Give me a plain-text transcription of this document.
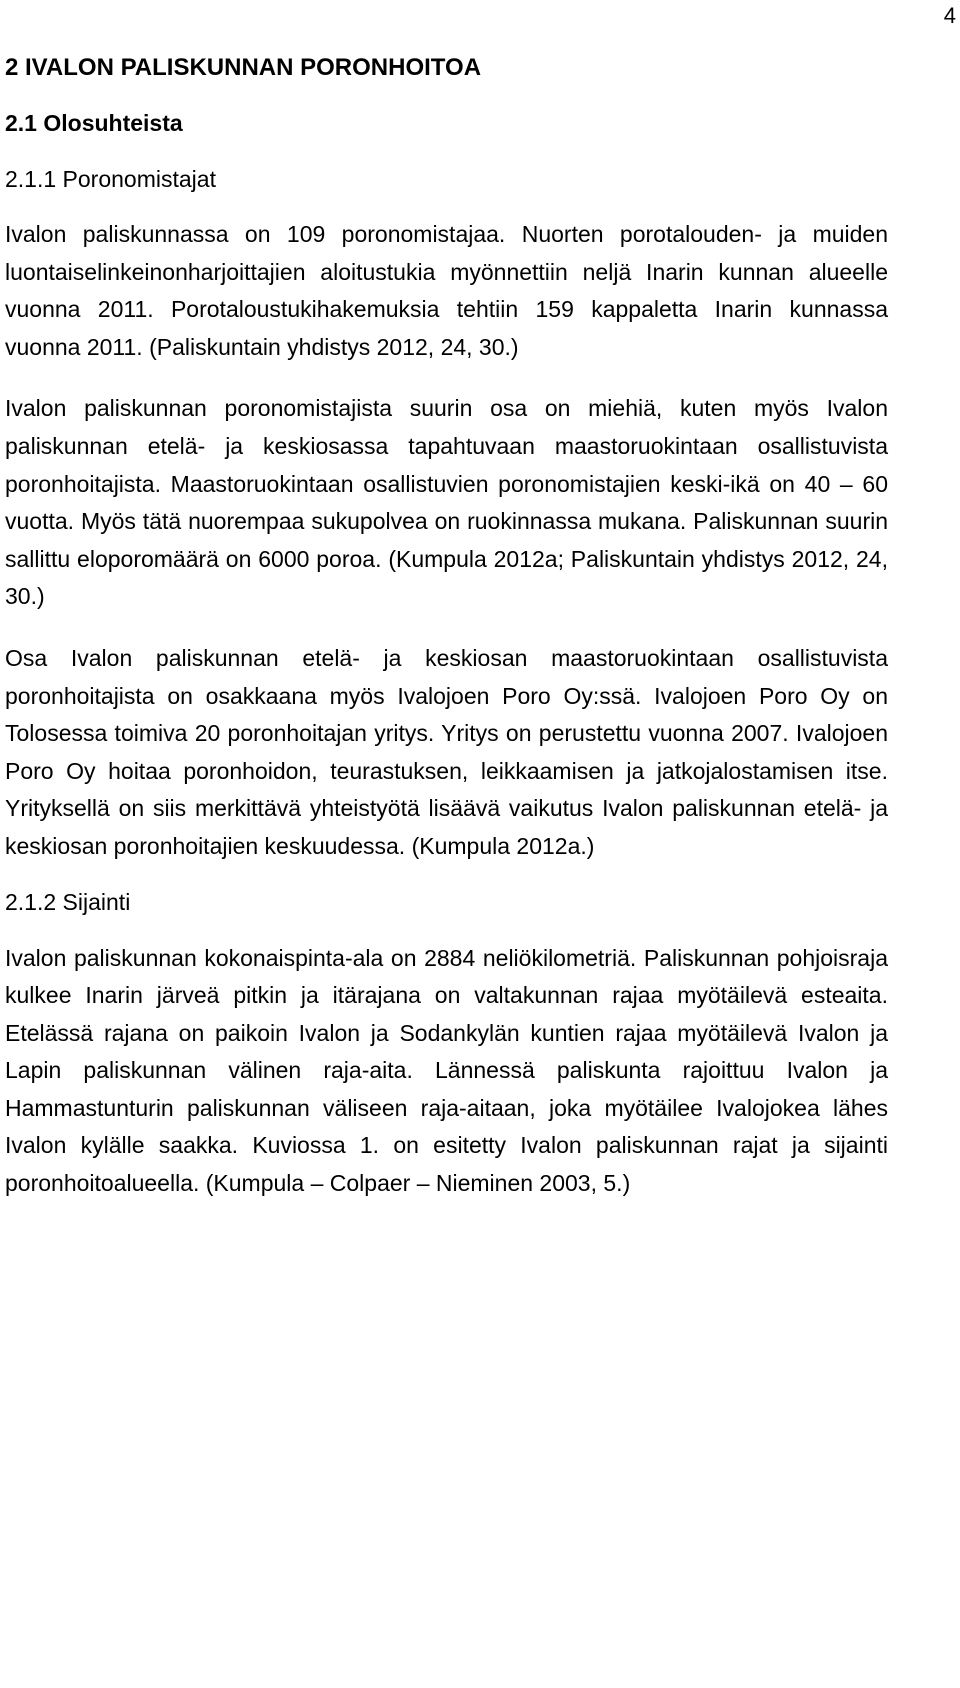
4
2 IVALON PALISKUNNAN PORONHOITOA
2.1 Olosuhteista
2.1.1 Poronomistajat

Ivalon paliskunnassa on 109 poronomistajaa. Nuorten porotalouden- ja muiden luontaiselinkeinonharjoittajien aloitustukia myönnettiin neljä Inarin kunnan alueelle vuonna 2011. Porotaloustukihakemuksia tehtiin 159 kappaletta Inarin kunnassa vuonna 2011. (Paliskuntain yhdistys 2012, 24, 30.)

Ivalon paliskunnan poronomistajista suurin osa on miehiä, kuten myös Ivalon paliskunnan etelä- ja keskiosassa tapahtuvaan maastoruokintaan osallistuvista poronhoitajista. Maastoruokintaan osallistuvien poronomistajien keski-ikä on 40 – 60 vuotta. Myös tätä nuorempaa sukupolvea on ruokinnassa mukana. Paliskunnan suurin sallittu eloporomäärä on 6000 poroa. (Kumpula 2012a; Paliskuntain yhdistys 2012, 24, 30.)

Osa Ivalon paliskunnan etelä- ja keskiosan maastoruokintaan osallistuvista poronhoitajista on osakkaana myös Ivalojoen Poro Oy:ssä. Ivalojoen Poro Oy on Tolosessa toimiva 20 poronhoitajan yritys. Yritys on perustettu vuonna 2007. Ivalojoen Poro Oy hoitaa poronhoidon, teurastuksen, leikkaamisen ja jatkojalostamisen itse. Yrityksellä on siis merkittävä yhteistyötä lisäävä vaikutus Ivalon paliskunnan etelä- ja keskiosan poronhoitajien keskuudessa. (Kumpula 2012a.)

2.1.2 Sijainti

Ivalon paliskunnan kokonaispinta-ala on 2884 neliökilometriä. Paliskunnan pohjoisraja kulkee Inarin järveä pitkin ja itärajana on valtakunnan rajaa myötäilevä esteaita. Etelässä rajana on paikoin Ivalon ja Sodankylän kuntien rajaa myötäilevä Ivalon ja Lapin paliskunnan välinen raja-aita. Lännessä paliskunta rajoittuu Ivalon ja Hammastunturin paliskunnan väliseen raja-aitaan, joka myötäilee Ivalojokea lähes Ivalon kylälle saakka. Kuviossa 1. on esitetty Ivalon paliskunnan rajat ja sijainti poronhoitoalueella. (Kumpula – Colpaer – Nieminen 2003, 5.)
